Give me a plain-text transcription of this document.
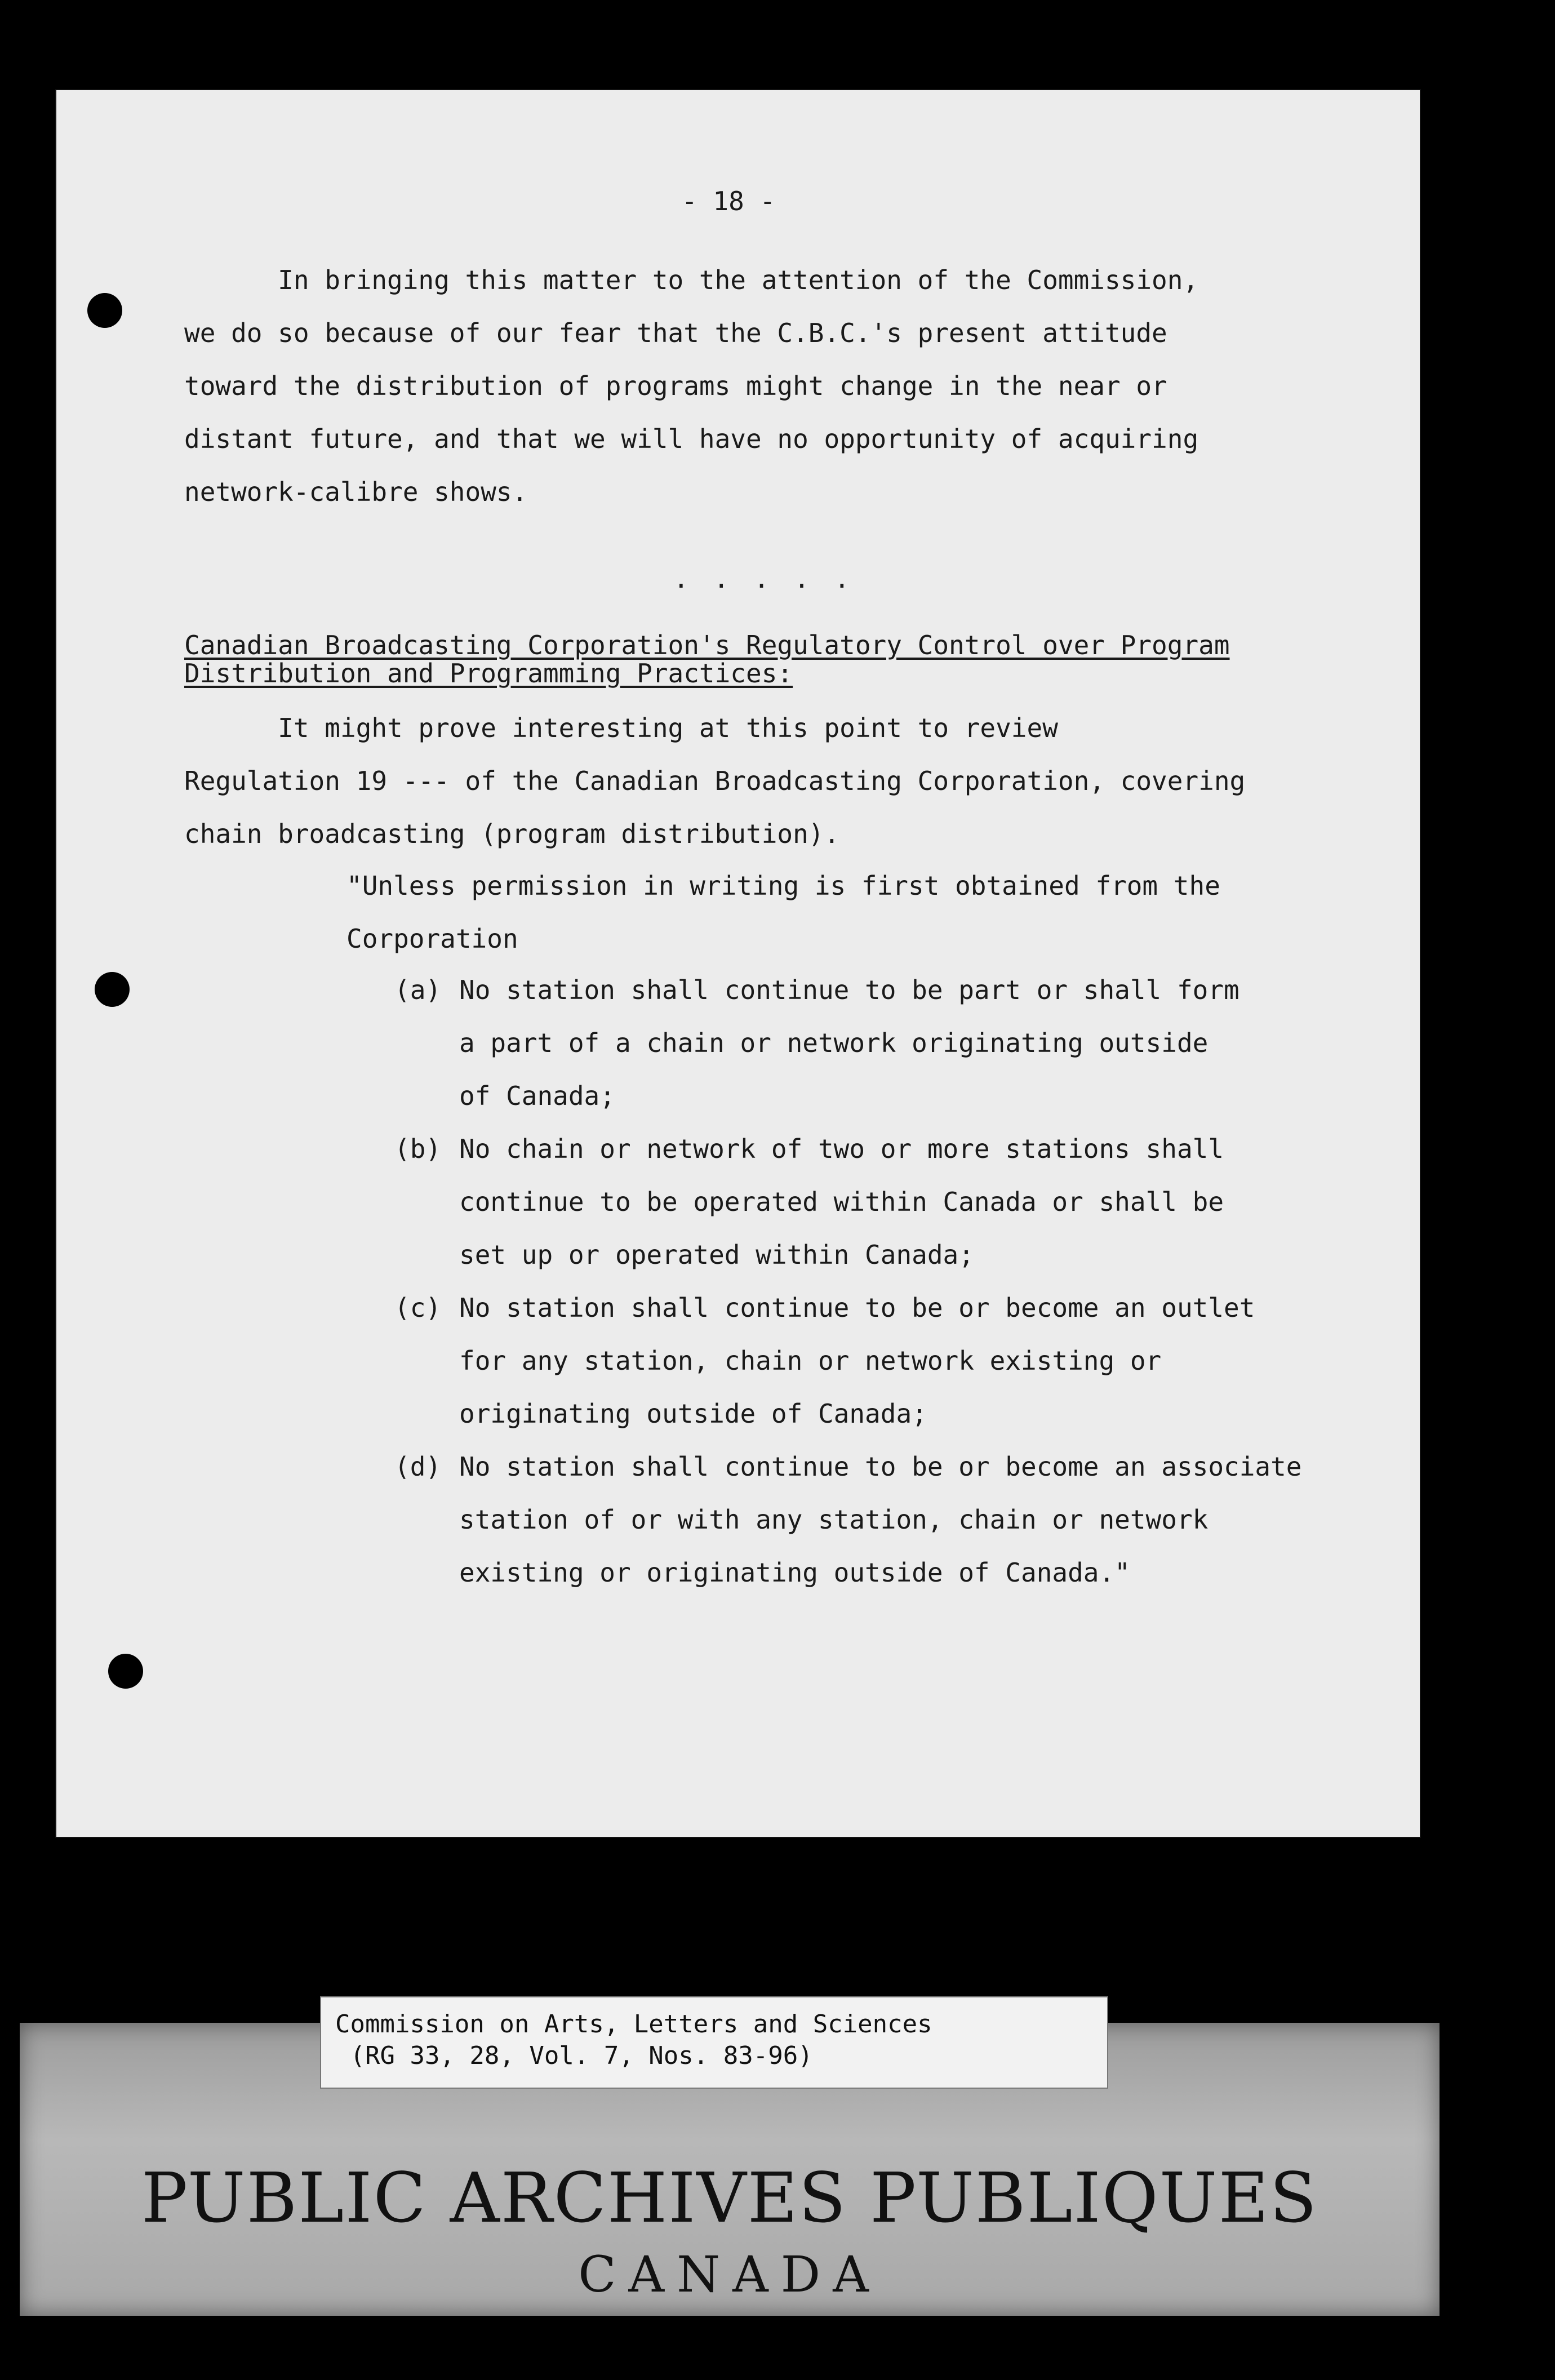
- 18 -

In bringing this matter to the attention of the Commission,
we do so because of our fear that the C.B.C.'s present attitude
toward the distribution of programs might change in the near or
distant future, and that we will have no opportunity of acquiring
network-calibre shows.

. . . . .

Canadian Broadcasting Corporation's Regulatory Control over Program
Distribution and Programming Practices:

It might prove interesting at this point to review
Regulation 19 --- of the Canadian Broadcasting Corporation, covering
chain broadcasting (program distribution).

"Unless permission in writing is first obtained from the
Corporation

(a) No station shall continue to be part or shall form
a part of a chain or network originating outside
of Canada;
(b) No chain or network of two or more stations shall
continue to be operated within Canada or shall be
set up or operated within Canada;
(c) No station shall continue to be or become an outlet
for any station, chain or network existing or
originating outside of Canada;
(d) No station shall continue to be or become an associate
station of or with any station, chain or network
existing or originating outside of Canada."
PUBLIC ARCHIVES PUBLIQUES
CANADA

Commission on Arts, Letters and Sciences

(RG 33, 28, Vol. 7, Nos. 83-96)
